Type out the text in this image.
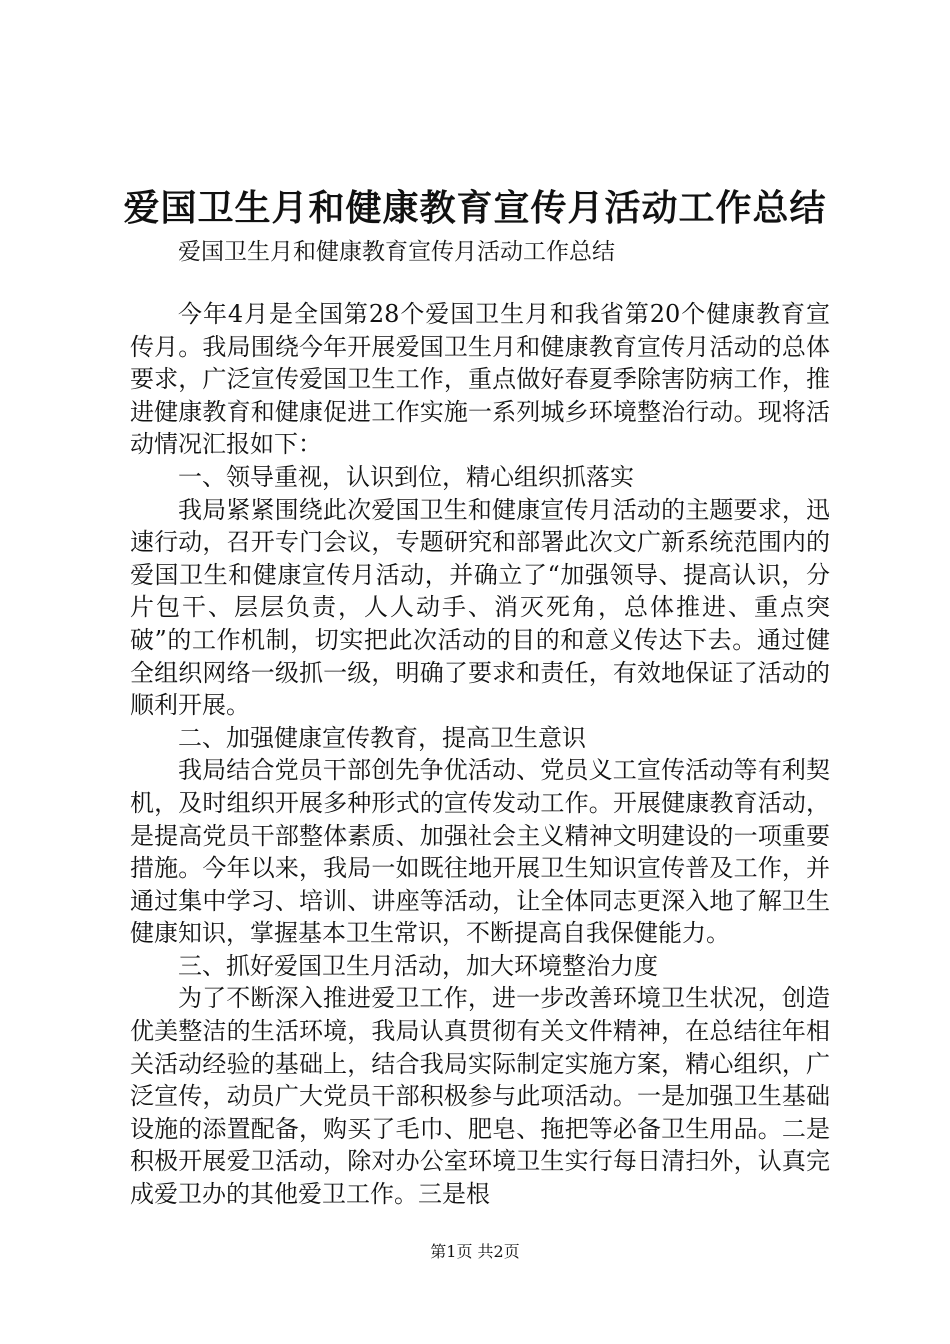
爱国卫生月和健康教育宣传月活动工作总结

爱国卫生月和健康教育宣传月活动工作总结

今年4月是全国第28个爱国卫生月和我省第20个健康教育宣传月。我局围绕今年开展爱国卫生月和健康教育宣传月活动的总体要求，广泛宣传爱国卫生工作，重点做好春夏季除害防病工作，推进健康教育和健康促进工作实施一系列城乡环境整治行动。现将活动情况汇报如下：

一、领导重视，认识到位，精心组织抓落实

我局紧紧围绕此次爱国卫生和健康宣传月活动的主题要求，迅速行动，召开专门会议，专题研究和部署此次文广新系统范围内的爱国卫生和健康宣传月活动，并确立了“加强领导、提高认识，分片包干、层层负责，人人动手、消灭死角，总体推进、重点突破”的工作机制，切实把此次活动的目的和意义传达下去。通过健全组织网络一级抓一级，明确了要求和责任，有效地保证了活动的顺利开展。

二、加强健康宣传教育，提高卫生意识

我局结合党员干部创先争优活动、党员义工宣传活动等有利契机，及时组织开展多种形式的宣传发动工作。开展健康教育活动，是提高党员干部整体素质、加强社会主义精神文明建设的一项重要措施。今年以来，我局一如既往地开展卫生知识宣传普及工作，并通过集中学习、培训、讲座等活动，让全体同志更深入地了解卫生健康知识，掌握基本卫生常识，不断提高自我保健能力。

三、抓好爱国卫生月活动，加大环境整治力度

为了不断深入推进爱卫工作，进一步改善环境卫生状况，创造优美整洁的生活环境，我局认真贯彻有关文件精神，在总结往年相关活动经验的基础上，结合我局实际制定实施方案，精心组织，广泛宣传，动员广大党员干部积极参与此项活动。一是加强卫生基础设施的添置配备，购买了毛巾、肥皂、拖把等必备卫生用品。二是积极开展爱卫活动，除对办公室环境卫生实行每日清扫外，认真完成爱卫办的其他爱卫工作。三是根

第1页 共2页
